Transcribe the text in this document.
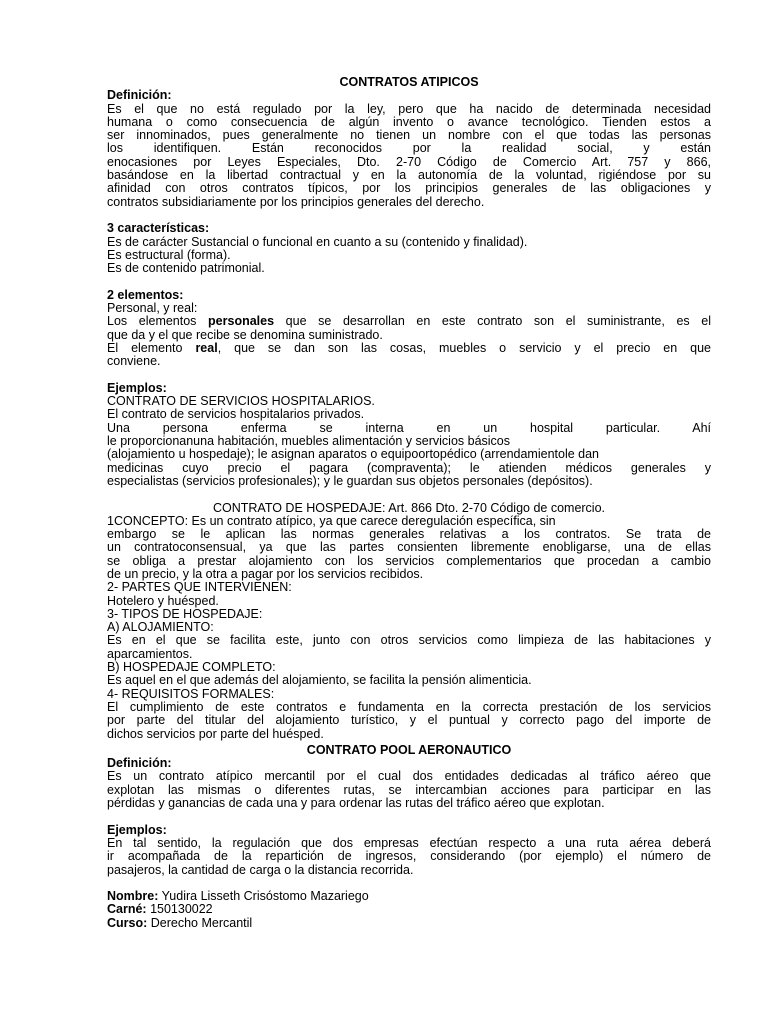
CONTRATOS ATÍPICOS

Definición:

Es el que no está regulado por la ley, pero que ha nacido de determinada necesidad

humana o como consecuencia de algún invento o avance tecnológico. Tienden estos a

ser innominados, pues generalmente no tienen un nombre con el que todas las personas

los identifiquen. Están reconocidos por la realidad social, y están

enocasiones por Leyes Especiales, Dto. 2-70 Código de Comercio Art. 757 y 866,

basándose en la libertad contractual y en la autonomía de la voluntad, rigiéndose por su

afinidad con otros contratos típicos, por los principios generales de las obligaciones y

contratos subsidiariamente por los principios generales del derecho.

3 características:

Es de carácter Sustancial o funcional en cuanto a su (contenido y finalidad).

Es estructural (forma).

Es de contenido patrimonial.

2 elementos:

Personal, y real:

Los elementos personales que se desarrollan en este contrato son el suministrante, es el

que da y el que recibe se denomina suministrado.

El elemento real, que se dan son las cosas, muebles o servicio y el precio en que

conviene.

Ejemplos:

CONTRATO DE SERVICIOS HOSPITALARIOS.

El contrato de servicios hospitalarios privados.

Una persona enferma se interna en un hospital particular. Ahí

le proporcionanuna habitación, muebles alimentación y servicios básicos

(alojamiento u hospedaje); le asignan aparatos o equipoortopédico (arrendamientole dan

medicinas cuyo precio el pagara (compraventa); le atienden médicos generales y

especialistas (servicios profesionales); y le guardan sus objetos personales (depósitos).

CONTRATO DE HOSPEDAJE: Art. 866 Dto. 2-70 Código de comercio.

1CONCEPTO: Es un contrato atípico, ya que carece deregulación específica, sin

embargo se le aplican las normas generales relativas a los contratos. Se trata de

un contratoconsensual, ya que las partes consienten libremente enobligarse, una de ellas

se obliga a prestar alojamiento con los servicios complementarios que procedan a cambio

de un precio, y la otra a pagar por los servicios recibidos.

2- PARTES QUE INTERVIENEN:

Hotelero y huésped.

3- TIPOS DE HOSPEDAJE:

A) ALOJAMIENTO:

Es en el que se facilita este, junto con otros servicios como limpieza de las habitaciones y

aparcamientos.

B) HOSPEDAJE COMPLETO:

Es aquel en el que además del alojamiento, se facilita la pensión alimenticia.

4- REQUISITOS FORMALES:

El cumplimiento de este contratos e fundamenta en la correcta prestación de los servicios

por parte del titular del alojamiento turístico, y el puntual y correcto pago del importe de

dichos servicios por parte del huésped.

CONTRATO POOL AERONÁUTICO

Definición:

Es un contrato atípico mercantil por el cual dos entidades dedicadas al tráfico aéreo que

explotan las mismas o diferentes rutas, se intercambian acciones para participar en las

pérdidas y ganancias de cada una y para ordenar las rutas del tráfico aéreo que explotan.

Ejemplos:

En tal sentido, la regulación que dos empresas efectúan respecto a una ruta aérea deberá

ir acompañada de la repartición de ingresos, considerando (por ejemplo) el número de

pasajeros, la cantidad de carga o la distancia recorrida.

Nombre: Yudira Lisseth Crisóstomo Mazariego

Carné: 150130022

Curso: Derecho Mercantil
